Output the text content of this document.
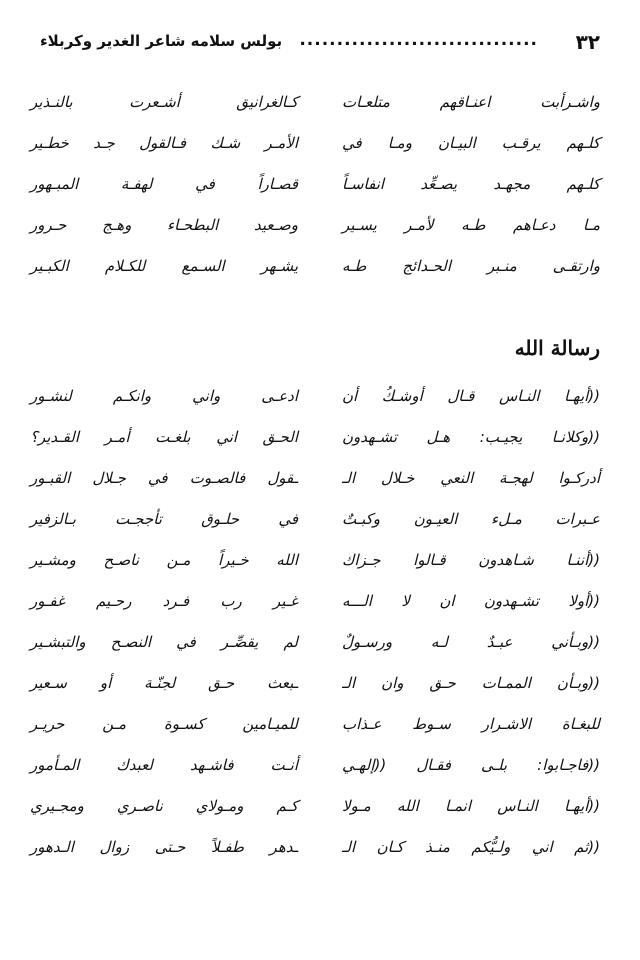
٣٢
................................
بولس سلامه شاعر الغدير وكربلاء
واشـرأبت اعنـاقهم متلعـات
كـالغرانيق أشـعرت بالنـذير
كلـهم يرقـب البيـان ومـا في
الأمـر شـك فـالقول جـد خطـير
كلـهم مجهـد يصـعِّد انفاسـاً
قصـاراً في لهفـة المبـهور
مـا دعـاهم طـه لأمـر يسـير
وصـعيد البطحـاء وهـج حـرور
وارتقـى منـبر الحـدائج طـه
يشـهر السـمع للكـلام الكبـير
رسالة الله
((أيهـا النـاس قـال أوشـكُ أن
ادعـى واني وانكـم لنشـور
((وكلانـا يجيـب: هـل تشـهدون
الحـق اني بلغـت أمـر القـدير؟
أدركـوا لهجـة النعي خـلال الـ
ـقول فالصـوت في جـلال القبـور
عـبرات مـلء العيـون وكبـتٌ
في حلـوق تأججـت بـالزفير
((أننـا شـاهدون قـالوا جـزاك
الله خـيراً مـن ناصـح ومشـير
((أولا تشـهدون ان لا الـــه
غـير رب فـرد رحـيم غفـور
((وبـأني عبـدٌ لـه ورسـولٌ
لم يقصِّـر في النصـح والتبشـير
((وبـأن الممـات حـق وان الـ
ـبعث حـق لجنّـة أو سـعير
للبغـاة الاشـرار سـوط عـذاب
للميـامين كسـوة مـن حريـر
((فاجـابوا: بلـى فقـال ((إلهـي
أنـت فاشـهد لعبدك المـأمور
((أيهـا النـاس انمـا الله مـولا
كـم ومـولاي ناصـري ومجـيري
((ثم اني ولـيُّكم منـذ كـان الـ
ـدهر طفـلاً حـتى زوال الـدهور
